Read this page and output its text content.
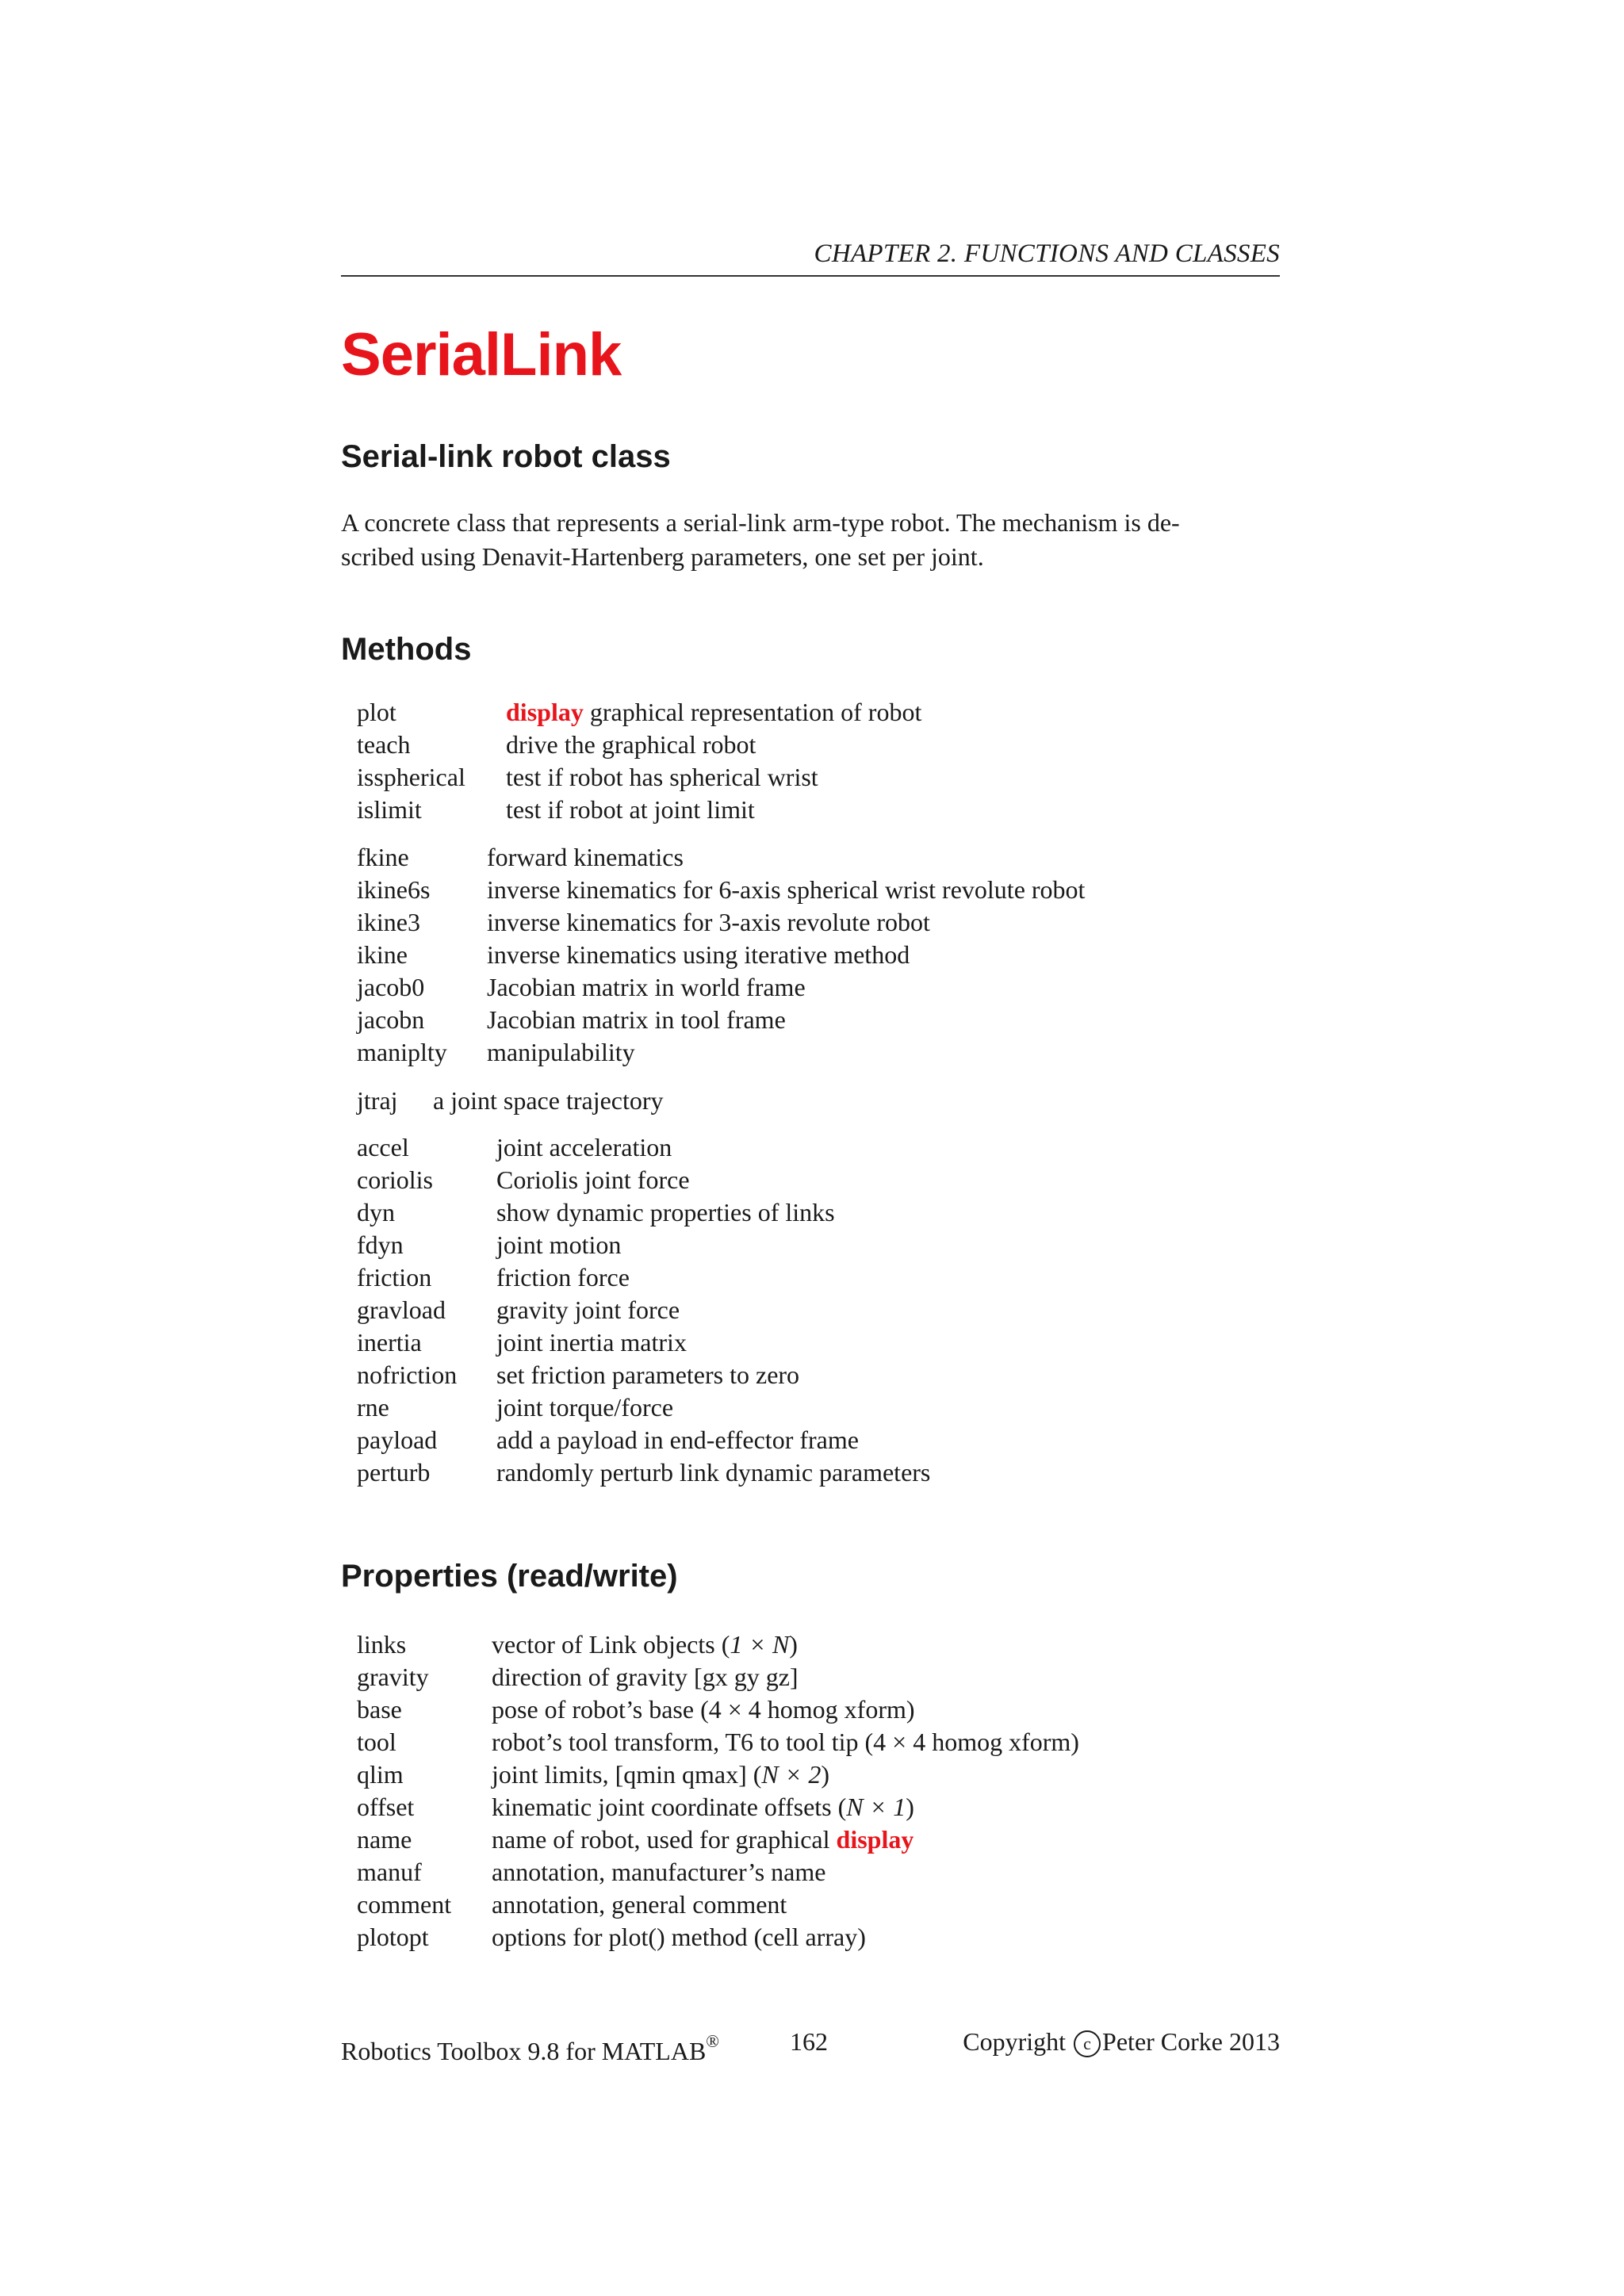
CHAPTER 2. FUNCTIONS AND CLASSES
SerialLink
Serial-link robot class
A concrete class that represents a serial-link arm-type robot. The mechanism is de-
scribed using Denavit-Hartenberg parameters, one set per joint.
Methods
plot	display graphical representation of robot
teach	drive the graphical robot
isspherical test if robot has spherical wrist
islimit	test if robot at joint limit
fkine	forward kinematics
ikine6s inverse kinematics for 6-axis spherical wrist revolute robot
ikine3	inverse kinematics for 3-axis revolute robot
ikine	inverse kinematics using iterative method
jacob0 Jacobian matrix in world frame
jacobn Jacobian matrix in tool frame
maniplty manipulability
jtraj a joint space trajectory
accel	joint acceleration
coriolis	Coriolis joint force
dyn	show dynamic properties of links
fdyn	joint motion
friction	friction force
gravload gravity joint force
inertia	joint inertia matrix
nofriction set friction parameters to zero
rne	joint torque/force
payload add a payload in end-effector frame
perturb	randomly perturb link dynamic parameters
Properties (read/write)
links	vector of Link objects (1 × N)
gravity direction of gravity [gx gy gz]
base	pose of robot’s base (4 × 4 homog xform)
tool	robot’s tool transform, T6 to tool tip (4 × 4 homog xform)
qlim	joint limits, [qmin qmax] (N × 2)
offset	kinematic joint coordinate offsets (N × 1)
name	name of robot, used for graphical display
manuf	annotation, manufacturer’s name
comment annotation, general comment
plotopt options for plot() method (cell array)
Robotics Toolbox 9.8 for MATLAB®	162	Copyright c Peter Corke 2013
